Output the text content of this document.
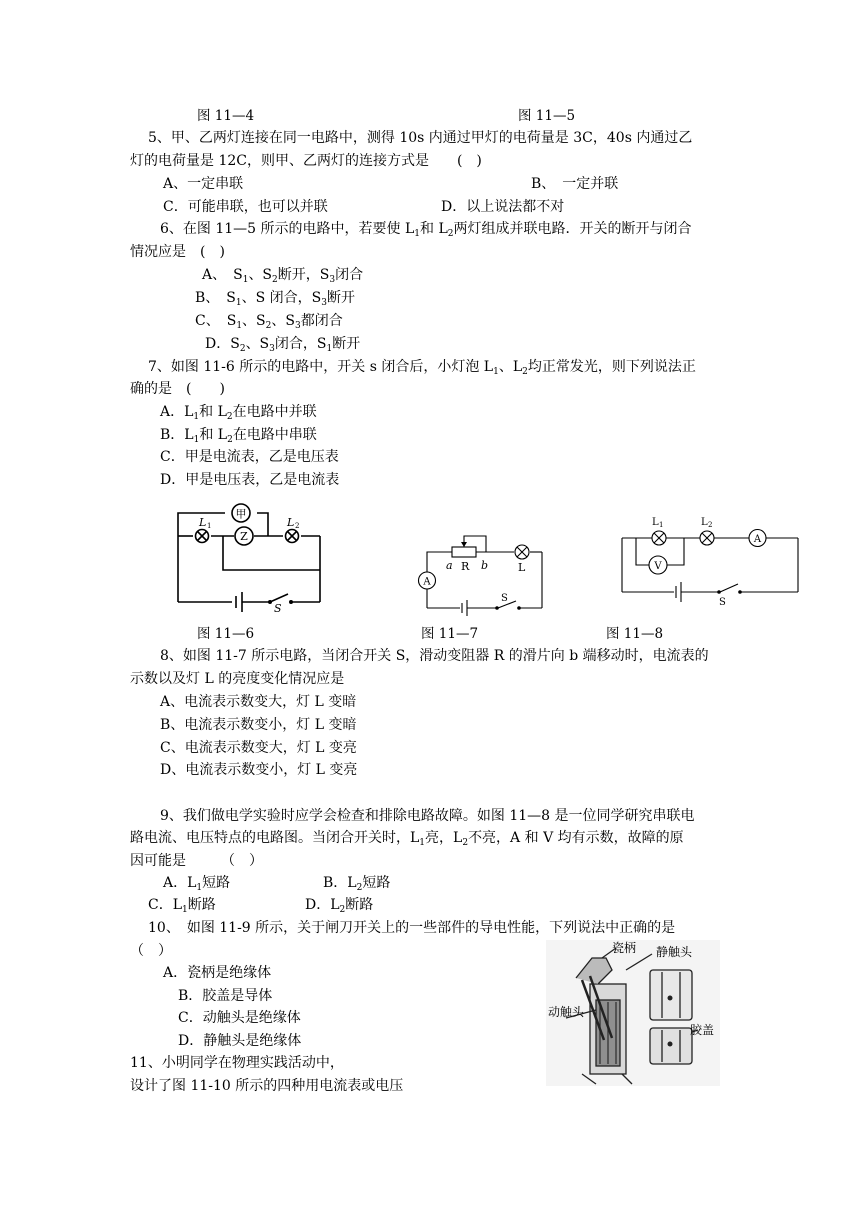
图 11—4	图 11—5
5、甲、乙两灯连接在同一电路中，测得 10s 内通过甲灯的电荷量是 3C，40s 内通过乙
灯的电荷量是 12C，则甲、乙两灯的连接方式是　　(　)
A、一定串联	B、　一定并联
C．可能串联，也可以并联	D．以上说法都不对
6、在图 11—5 所示的电路中，若要使 $L_1$和 $L_2$两灯组成并联电路．开关的断开与闭合
情况应是　(　)
A、　$S_1$、$S_2$断开，$S_3$闭合
B、　$S_1$、S 闭合，$S_3$断开
C、　$S_1$、$S_2$、$S_3$都闭合
D．$S_2$、$S_3$闭合，$S_1$断开
7、如图 11-6 所示的电路中，开关 s 闭合后，小灯泡 $L_1$、$L_2$均正常发光，则下列说法正
确的是　(　　)
A．$L_1$和 $L_2$在电路中并联
B．$L_1$和 $L_2$在电路中串联
C．甲是电流表，乙是电压表
D．甲是电压表，乙是电流表
甲
Z
L 1	L 2
S
a R b	L
A
S
L 1	L 2
A
V
S
图 11—6	图 11—7	图 11—8
8、如图 11-7 所示电路，当闭合开关 S，滑动变阻器 R 的滑片向 b 端移动时，电流表的
示数以及灯 L 的亮度变化情况应是
A、电流表示数变大，灯 L 变暗
B、电流表示数变小，灯 L 变暗
C、电流表示数变大，灯 L 变亮
D、电流表示数变小，灯 L 变亮
9、我们做电学实验时应学会检查和排除电路故障。如图 11—8 是一位同学研究串联电
路电流、电压特点的电路图。当闭合开关时，$L_1$亮，$L_2$不亮，A 和 V 均有示数，故障的原
因可能是　　　（　）
A．$L_1$短路	B．$L_2$短路
C．$L_1$断路	D．$L_2$断路
10、　如图 11-9 所示，关于闸刀开关上的一些部件的导电性能，下列说法中正确的是
（　）
A．瓷柄是绝缘体
B．胶盖是导体
C．动触头是绝缘体
D．静触头是绝缘体
瓷柄 静触头
动触头
胶盖
11、小明同学在物理实践活动中，
设计了图 11-10 所示的四种用电流表或电压
